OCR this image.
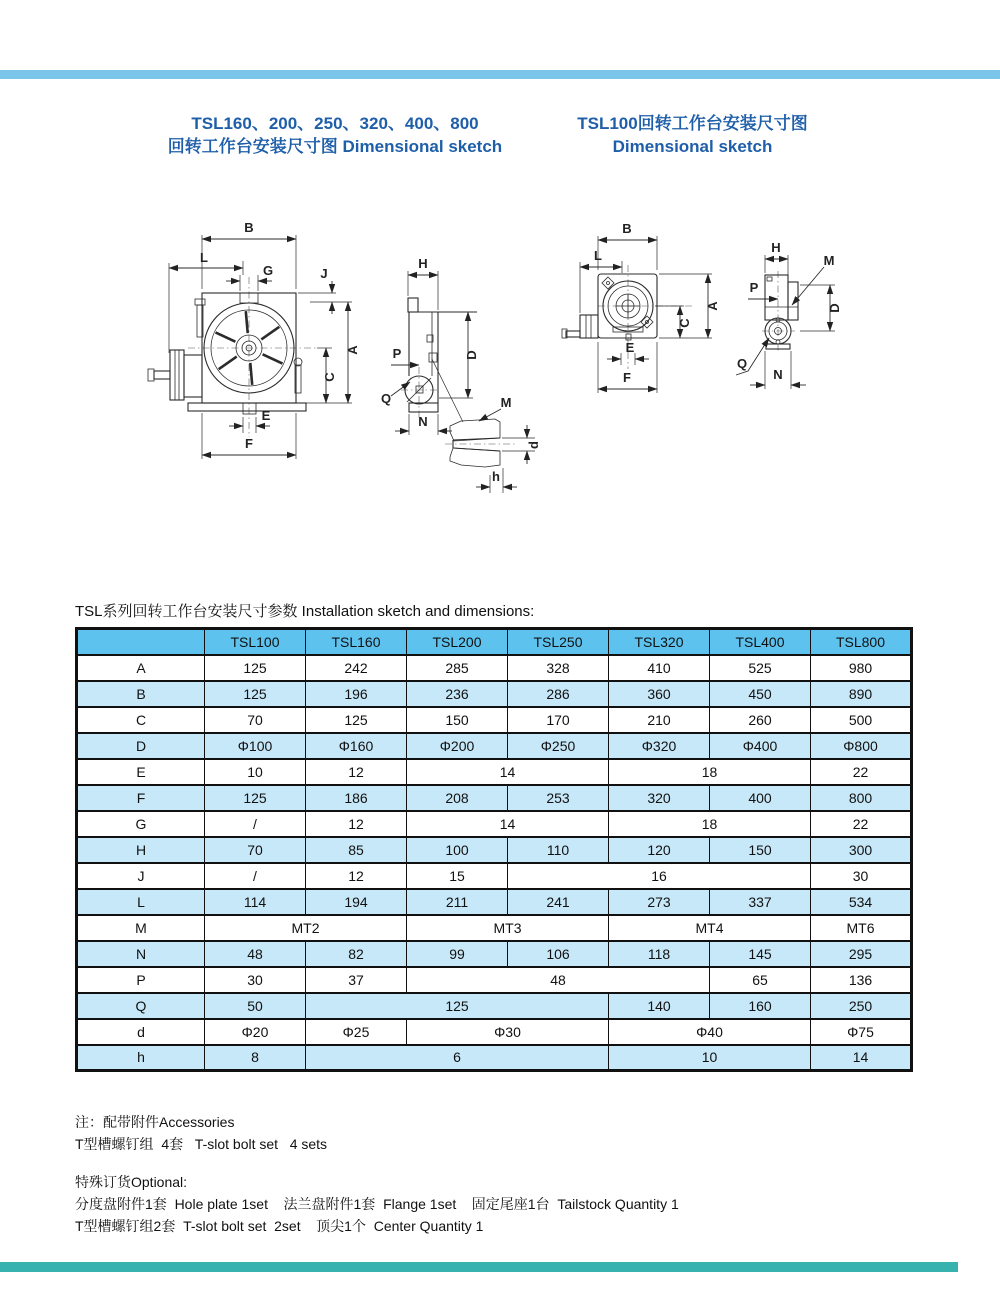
TSL160、200、250、320、400、800
回转工作台安装尺寸图 Dimensional sketch
TSL100回转工作台安装尺寸图
Dimensional sketch
B
L
G	J
A
C
E
F
H
D
P
Q
N
M
d
h
B
L
A
C
E
F
H
M
P
D
Q
N
TSL系列回转工作台安装尺寸参数 Installation sketch and dimensions:
	TSL100	TSL160	TSL200	TSL250	TSL320	TSL400	TSL800
A	125	242	285	328	410	525	980
B	125	196	236	286	360	450	890
C	70	125	150	170	210	260	500
D	Φ100	Φ160	Φ200	Φ250	Φ320	Φ400	Φ800
E	10	12	14		18		22
F	125	186	208	253	320	400	800
G	/	12	14		18		22
H	70	85	100	110	120	150	300
J	/	12	15	16			30
L	114	194	211	241	273	337	534
M	MT2		MT3		MT4		MT6
N	48	82	99	106	118	145	295
P	30	37	48			65	136
Q	50	125			140	160	250
d	Φ20	Φ25	Φ30		Φ40		Φ75
h	8	6			10		14
注：配带附件Accessories
T型槽螺钉组  4套   T-slot bolt set   4 sets
特殊订货Optional:
分度盘附件1套  Hole plate 1set    法兰盘附件1套  Flange 1set    固定尾座1台  Tailstock Quantity 1
T型槽螺钉组2套  T-slot bolt set  2set    顶尖1个  Center Quantity 1
